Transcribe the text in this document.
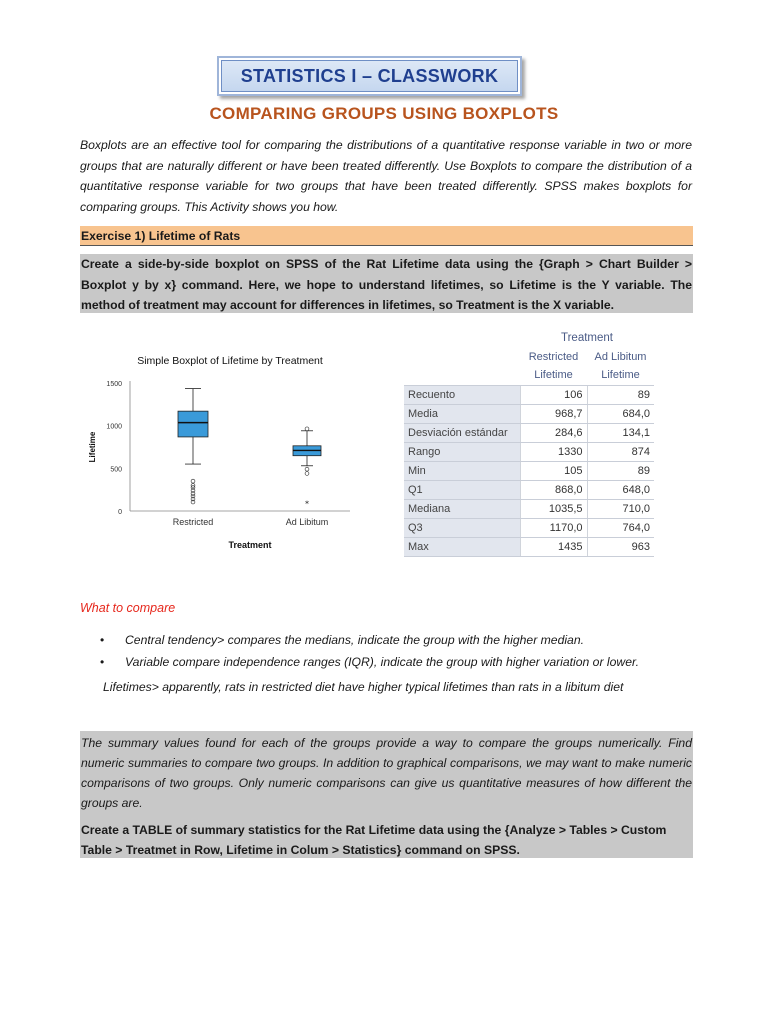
STATISTICS I – CLASSWORK
COMPARING GROUPS USING BOXPLOTS

Boxplots are an effective tool for comparing the distributions of a quantitative response variable in two or more groups that are naturally different or have been treated differently. Use Boxplots to compare the distribution of a quantitative response variable for two groups that have been treated differently. SPSS makes boxplots for comparing groups. This Activity shows you how.

Exercise 1) Lifetime of Rats
Create a side-by-side boxplot on SPSS of the Rat Lifetime data using the {Graph > Chart Builder > Boxplot y by x} command. Here, we hope to understand lifetimes, so Lifetime is the Y variable. The method of treatment may account for differences in lifetimes, so Treatment is the X variable.
Simple Boxplot of Lifetime by Treatment
0
500
1000
1500
Lifetime
Treatment
Restricted	Ad Libitum
*
	Treatment	
	Restricted	Ad Libitum
	Lifetime	Lifetime
Recuento	106	89
Media	968,7	684,0
Desviación estándar	284,6	134,1
Rango	1330	874
Min	105	89
Q1	868,0	648,0
Mediana	1035,5	710,0
Q3	1170,0	764,0
Max	1435	963
What to compare
•	Central tendency> compares the medians, indicate the group with the higher median.
•	Variable compare independence ranges (IQR), indicate the group with higher variation or lower.
Lifetimes> apparently, rats in restricted diet have higher typical lifetimes than rats in a libitum diet

The summary values found for each of the groups provide a way to compare the groups numerically. Find numeric summaries to compare two groups. In addition to graphical comparisons, we may want to make numeric comparisons of two groups. Only numeric comparisons can give us quantitative measures of how different the groups are.

Create a TABLE of summary statistics for the Rat Lifetime data using the {Analyze > Tables > Custom Table > Treatmet in Row, Lifetime in Colum > Statistics} command on SPSS.
